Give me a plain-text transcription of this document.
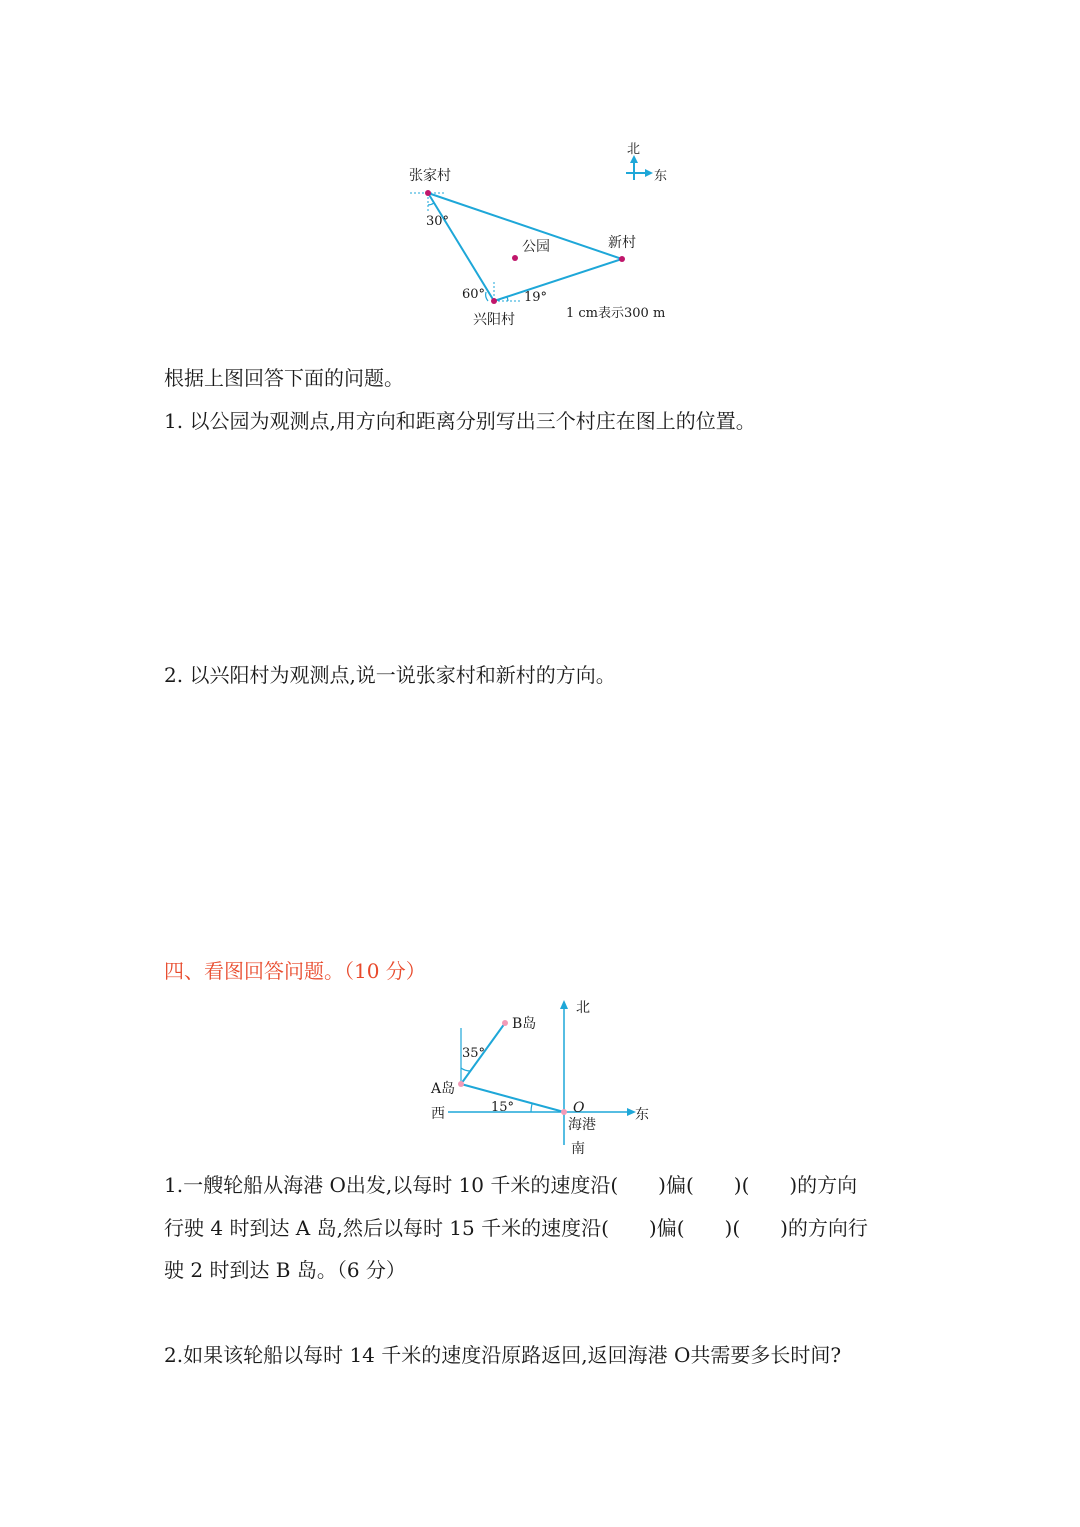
北
东
张家村
新村
公园
兴阳村
30°
60°	19°
1 cm表示300 m
根据上图回答下面的问题。
1. 以公园为观测点,用方向和距离分别写出三个村庄在图上的位置。
2. 以兴阳村为观测点,说一说张家村和新村的方向。
四、看图回答问题。（10 分）
北
东
西
南
O
海港
A岛
B岛
35°
15°
1.一艘轮船从海港 O出发,以每时 10 千米的速度沿(　　)偏(　　)(　　)的方向
行驶 4 时到达 A 岛,然后以每时 15 千米的速度沿(　　)偏(　　)(　　)的方向行
驶 2 时到达 B 岛。（6 分）
2.如果该轮船以每时 14 千米的速度沿原路返回,返回海港 O共需要多长时间?
